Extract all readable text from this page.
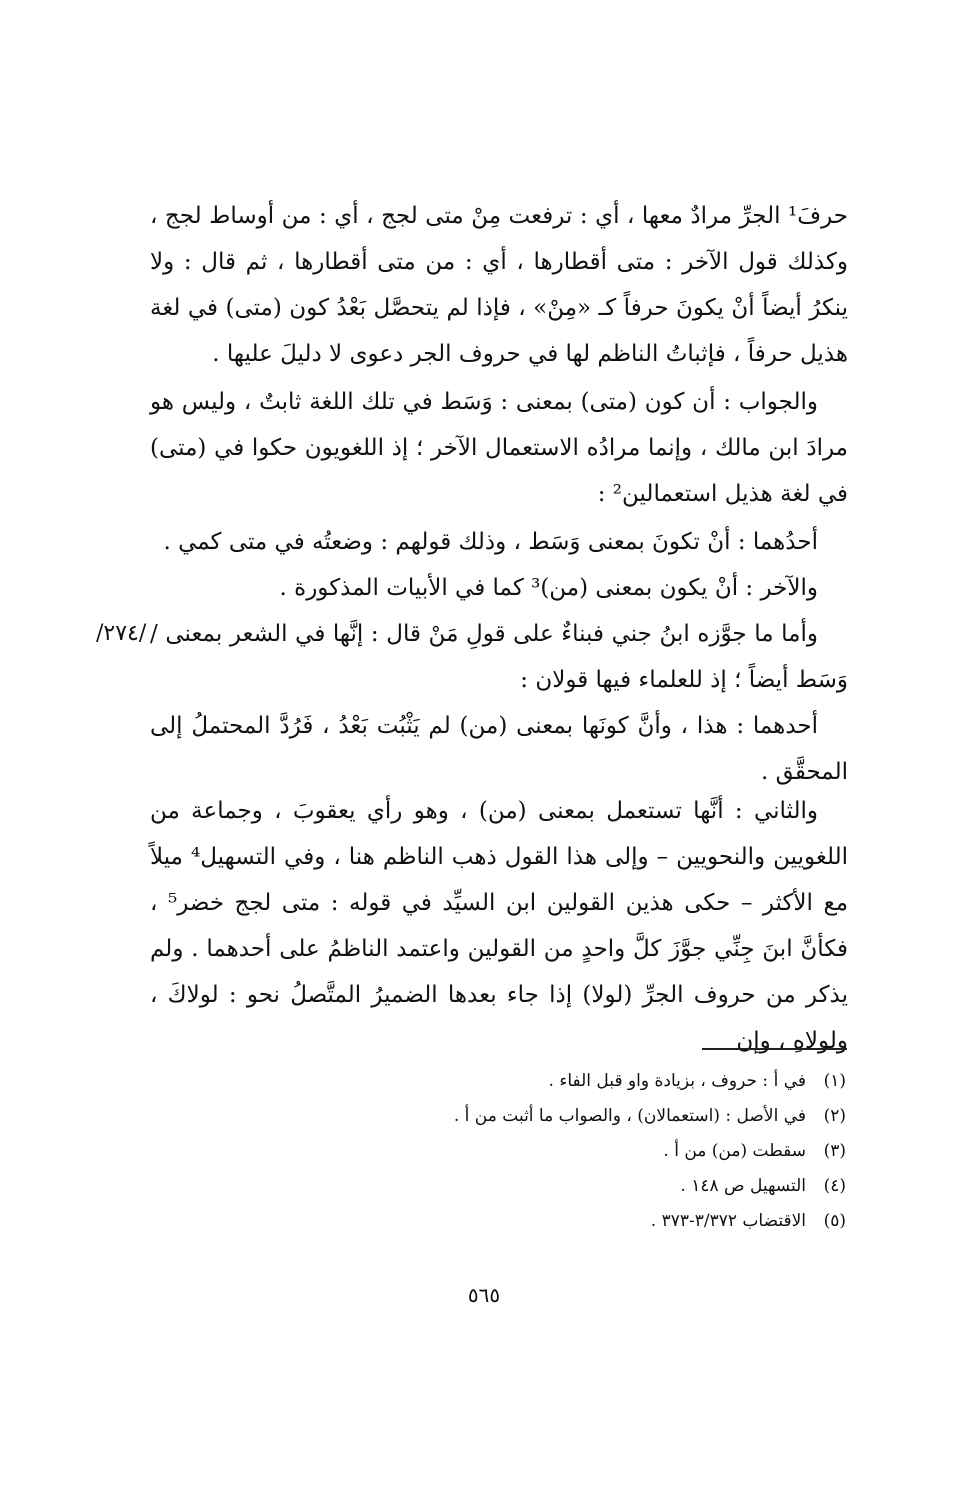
حرفَ¹ الجرِّ مرادٌ معها ، أي : ترفعت مِنْ متى لجج ، أي : من أوساط لجج ، وكذلك قول الآخر : متى أقطارها ، أي : من متى أقطارها ، ثم قال : ولا ينكرُ أيضاً أنْ يكونَ حرفاً كـ «مِنْ» ، فإذا لم يتحصَّل بَعْدُ كون (متى) في لغة هذيل حرفاً ، فإثباتُ الناظم لها في حروف الجر دعوى لا دليلَ عليها .

والجواب : أن كون (متى) بمعنى : وَسَط في تلك اللغة ثابتٌ ، وليس هو مرادَ ابن مالك ، وإنما مرادُه الاستعمال الآخر ؛ إذ اللغويون حكوا في (متى) في لغة هذيل استعمالين² :

أحدُهما : أنْ تكونَ بمعنى وَسَط ، وذلك قولهم : وضعتُه في متى كمي .

والآخر : أنْ يكون بمعنى (من)³ كما في الأبيات المذكورة .

وأما ما جوَّزه ابنُ جني فبناءٌ على قولِ مَنْ قال : إنَّها في الشعر بمعنى / وَسَط أيضاً ؛ إذ للعلماء فيها قولان :

/٢٧٤/

أحدهما : هذا ، وأنَّ كونَها بمعنى (من) لم يَثْبُت بَعْدُ ، فَرُدَّ المحتملُ إلى المحقَّق .

والثاني : أنَّها تستعمل بمعنى (من) ، وهو رأي يعقوبَ ، وجماعة من اللغويين والنحويين – وإلى هذا القول ذهب الناظم هنا ، وفي التسهيل⁴ ميلاً مع الأكثر – حكى هذين القولين ابن السيِّد في قوله : متى لجج خضر⁵ ، فكأنَّ ابنَ جِنِّي جوَّزَ كلَّ واحدٍ من القولين واعتمد الناظمُ على أحدهما . ولم يذكر من حروف الجرِّ (لولا) إذا جاء بعدها الضميرُ المتَّصلُ نحو : لولاكَ ، ولولاهِ ، وإن

(١)
في أ : حروف ، بزيادة واو قبل الفاء .
(٢)
في الأصل : (استعمالان) ، والصواب ما أثبت من أ .
(٣)
سقطت (من) من أ .
(٤)
التسهيل ص ١٤٨ .
(٥)
الاقتضاب ٣/٣٧٢-٣٧٣ .
٥٦٥
